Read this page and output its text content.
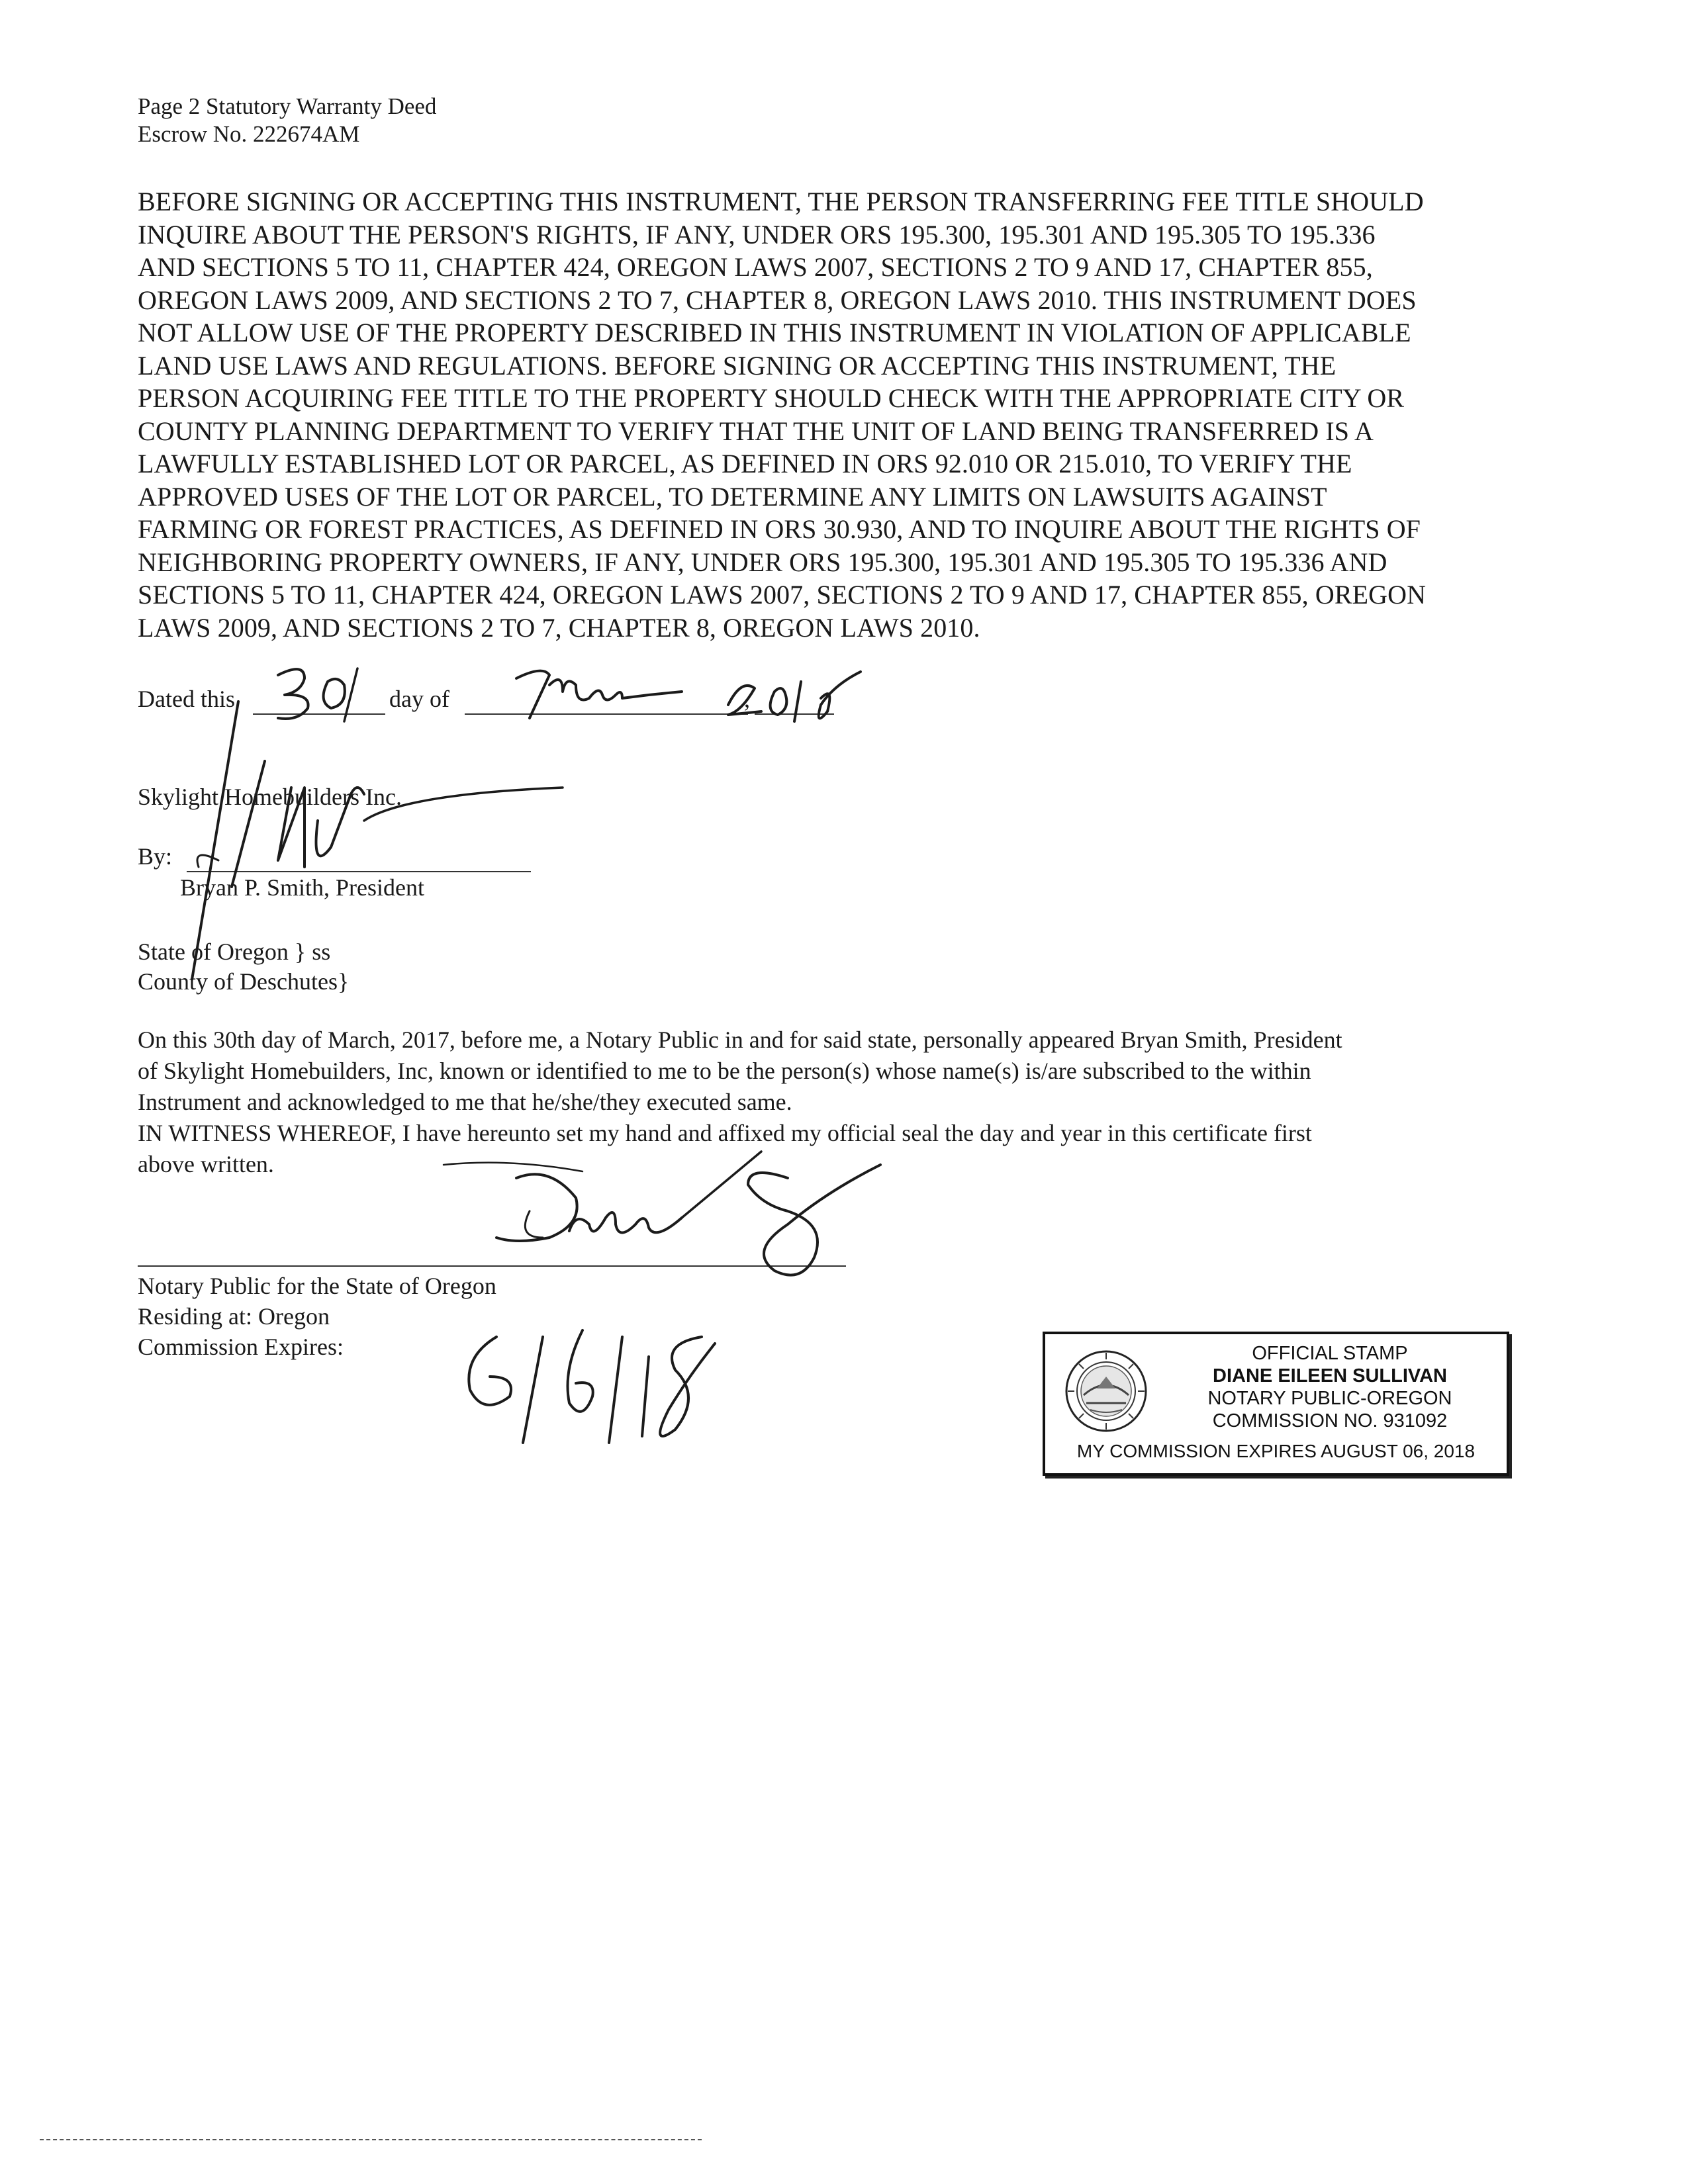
Page 2 Statutory Warranty Deed
Escrow No. 222674AM
BEFORE SIGNING OR ACCEPTING THIS INSTRUMENT, THE PERSON TRANSFERRING FEE TITLE SHOULD
INQUIRE ABOUT THE PERSON'S RIGHTS, IF ANY, UNDER ORS 195.300, 195.301 AND 195.305 TO 195.336
AND SECTIONS 5 TO 11, CHAPTER 424, OREGON LAWS 2007, SECTIONS 2 TO 9 AND 17, CHAPTER 855,
OREGON LAWS 2009, AND SECTIONS 2 TO 7, CHAPTER 8, OREGON LAWS 2010. THIS INSTRUMENT DOES
NOT ALLOW USE OF THE PROPERTY DESCRIBED IN THIS INSTRUMENT IN VIOLATION OF APPLICABLE
LAND USE LAWS AND REGULATIONS. BEFORE SIGNING OR ACCEPTING THIS INSTRUMENT, THE
PERSON ACQUIRING FEE TITLE TO THE PROPERTY SHOULD CHECK WITH THE APPROPRIATE CITY OR
COUNTY PLANNING DEPARTMENT TO VERIFY THAT THE UNIT OF LAND BEING TRANSFERRED IS A
LAWFULLY ESTABLISHED LOT OR PARCEL, AS DEFINED IN ORS 92.010 OR 215.010, TO VERIFY THE
APPROVED USES OF THE LOT OR PARCEL, TO DETERMINE ANY LIMITS ON LAWSUITS AGAINST
FARMING OR FOREST PRACTICES, AS DEFINED IN ORS 30.930, AND TO INQUIRE ABOUT THE RIGHTS OF
NEIGHBORING PROPERTY OWNERS, IF ANY, UNDER ORS 195.300, 195.301 AND 195.305 TO 195.336 AND
SECTIONS 5 TO 11, CHAPTER 424, OREGON LAWS 2007, SECTIONS 2 TO 9 AND 17, CHAPTER 855, OREGON
LAWS 2009, AND SECTIONS 2 TO 7, CHAPTER 8, OREGON LAWS 2010.
Dated this	day of	,
Skylight Homebuilders Inc.
By:
Bryan P. Smith, President
State of Oregon } ss
County of Deschutes}
On this 30th day of March, 2017, before me, a Notary Public in and for said state, personally appeared Bryan Smith, President
of Skylight Homebuilders, Inc, known or identified to me to be the person(s) whose name(s) is/are subscribed to the within
Instrument and acknowledged to me that he/she/they executed same.
IN WITNESS WHEREOF, I have hereunto set my hand and affixed my official seal the day and year in this certificate first
above written.
Notary Public for the State of Oregon
Residing at: Oregon
Commission Expires:	OFFICIAL STAMP
DIANE EILEEN SULLIVAN
NOTARY PUBLIC-OREGON
COMMISSION NO. 931092
MY COMMISSION EXPIRES AUGUST 06, 2018
